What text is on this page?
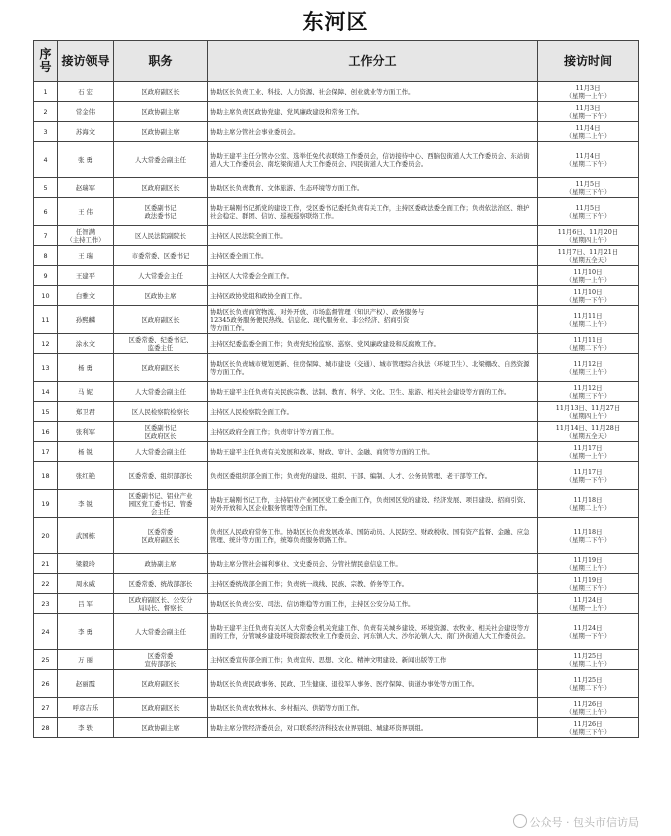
东河区
序
号	接访领导	职务	工作分工	接访时间
1	石 宏	区政府副区长	协助区长负责工业、科技、人力资源、社会保障、创业就业等方面工作。	11月3日
（星期一上午）

2	常金伟	区政协副主席	协助主席负责区政协党建、党风廉政建设和常务工作。	11月3日
（星期一下午）

3	苏海文	区政协副主席	协助主席分管社会事业委员会。	11月4日
（星期二上午）

4	张 勇	人大常委会副主任	协助王建平主任分管办公室、选举任免代表联络工作委员会，信访接待中心、西脑包街道人大工作委员会、东站街道人大工作委员会、南圪梁街道人大工作委员会、四民街道人大工作委员会。	11月4日
（星期二下午）

5	赵瑞军	区政府副区长	协助区长负责教育、文体旅游、生态环境等方面工作。	11月5日
（星期三下午）

6	王 伟	区委副书记
政法委书记	协助王瑞刚书记抓党的建设工作，受区委书记委托负责有关工作，主持区委政法委全面工作；负责依法治区、维护社会稳定、群团、信访、巡视巡察联络工作。	11月5日
（星期三下午）

7	任智满
（主持工作）	区人民法院副院长	主持区人民法院全面工作。	11月6日、11月20日
（星期四上午）

8	王 瑞	市委常委、区委书记	主持区委全面工作。	11月7日、11月21日
（星期五全天）

9	王建平	人大常委会主任	主持区人大常委会全面工作。	11月10日
（星期一上午）

10	白雅文	区政协主席	主持区政协党组和政协全面工作。	11月10日
（星期一下午）

11	孙熙麟	区政府副区长	协助区长负责商贸物流、对外开放、市场监督管理（知识产权）、政务服务与
12345政务服务便民热线、信息化、现代服务业、非公经济、招商引资
等方面工作。	11月11日
（星期二上午）

12	涂永文	区委常委、纪委书记、
监委主任	主持区纪委监委全面工作；负责党纪检监察、巡察、党风廉政建设和反腐败工作。	11月11日
（星期二下午）

13	杨 勇	区政府副区长	协助区长负责城市规划更新、住房保障、城市建设（交通）、城市管理综合执法（环境卫生）、北梁棚改、自然资源等方面工作。	11月12日
（星期三上午）

14	马 妮	人大常委会副主任	协助王建平主任负责有关民族宗教、法制、教育、科学、文化、卫生、旅游、相关社会建设等方面的工作。	11月12日
（星期三下午）

15	郑卫君	区人民检察院检察长	主持区人民检察院全面工作。	11月13日、11月27日
（星期四上午）

16	张利军	区委副书记
区政府区长	主持区政府全面工作；负责审计等方面工作。	11月14日、11月28日
（星期五全天）

17	杨 锐	人大常委会副主任	协助王建平主任负责有关发展和改革、财政、审计、金融、商贸等方面的工作。	11月17日
（星期一上午）

18	张红艳	区委常委、组织部部长	负责区委组织部全面工作；负责党的建设、组织、干部、编制、人才、公务员管理、老干部等工作。	11月17日
（星期一下午）

19	李 锐	区委副书记、铝业产业
园区党工委书记、管委
会主任	协助王瑞刚书记工作，主持铝业产业园区党工委全面工作，负责园区党的建设、经济发展、项目建设、招商引资、对外开放和入区企业服务管理等全面工作。	11月18日
（星期二上午）

20	武国栋	区委常委
区政府副区长	负责区人民政府常务工作。协助区长负责发展改革、国防动员、人民防空、财政税收、国有资产监督、金融、应急管理、统计等方面工作，统筹负责服务铁路工作。	11月18日
（星期二下午）

21	梁毅玲	政协副主席	协助主席分管社会福利事业、文史委员会、分管社情民意信息工作。	11月19日
（星期三上午）

22	周永威	区委常委、统战部部长	主持区委统战部全面工作；负责统一战线、民族、宗教、侨务等工作。	11月19日
（星期三下午）

23	吕 军	区政府副区长、公安分
局局长、督察长	协助区长负责公安、司法、信访维稳等方面工作，主持区公安分局工作。	11月24日
（星期一上午）

24	李 勇	人大常委会副主任	协助王建平主任负责有关区人大常委会机关党建工作、负责有关城乡建设、环境资源、农牧业、相关社会建设等方面的工作，分管城乡建设环境资源农牧业工作委员会、河东镇人大、沙尔沁镇人大、南门外街道人大工作委员会。	11月24日
（星期一下午）

25	万 丽	区委常委
宣传部部长	主持区委宣传部全面工作；负责宣传、思想、文化、精神文明建设、新闻出版等工作	11月25日
（星期二上午）

26	赵丽霞	区政府副区长	协助区长负责民政事务、民政、卫生健康、退役军人事务、医疗保障、街道办事处等方面工作。	11月25日
（星期二下午）

27	呼彦吉乐	区政府副区长	协助区长负责农牧林水、乡村振兴、供销等方面工作。	11月26日
（星期三上午）

28	李 轶	区政协副主席	协助主席分管经济委员会，对口联系经济科技农业界别组、城建环资界别组。	11月26日
（星期三下午）
公众号 · 包头市信访局
